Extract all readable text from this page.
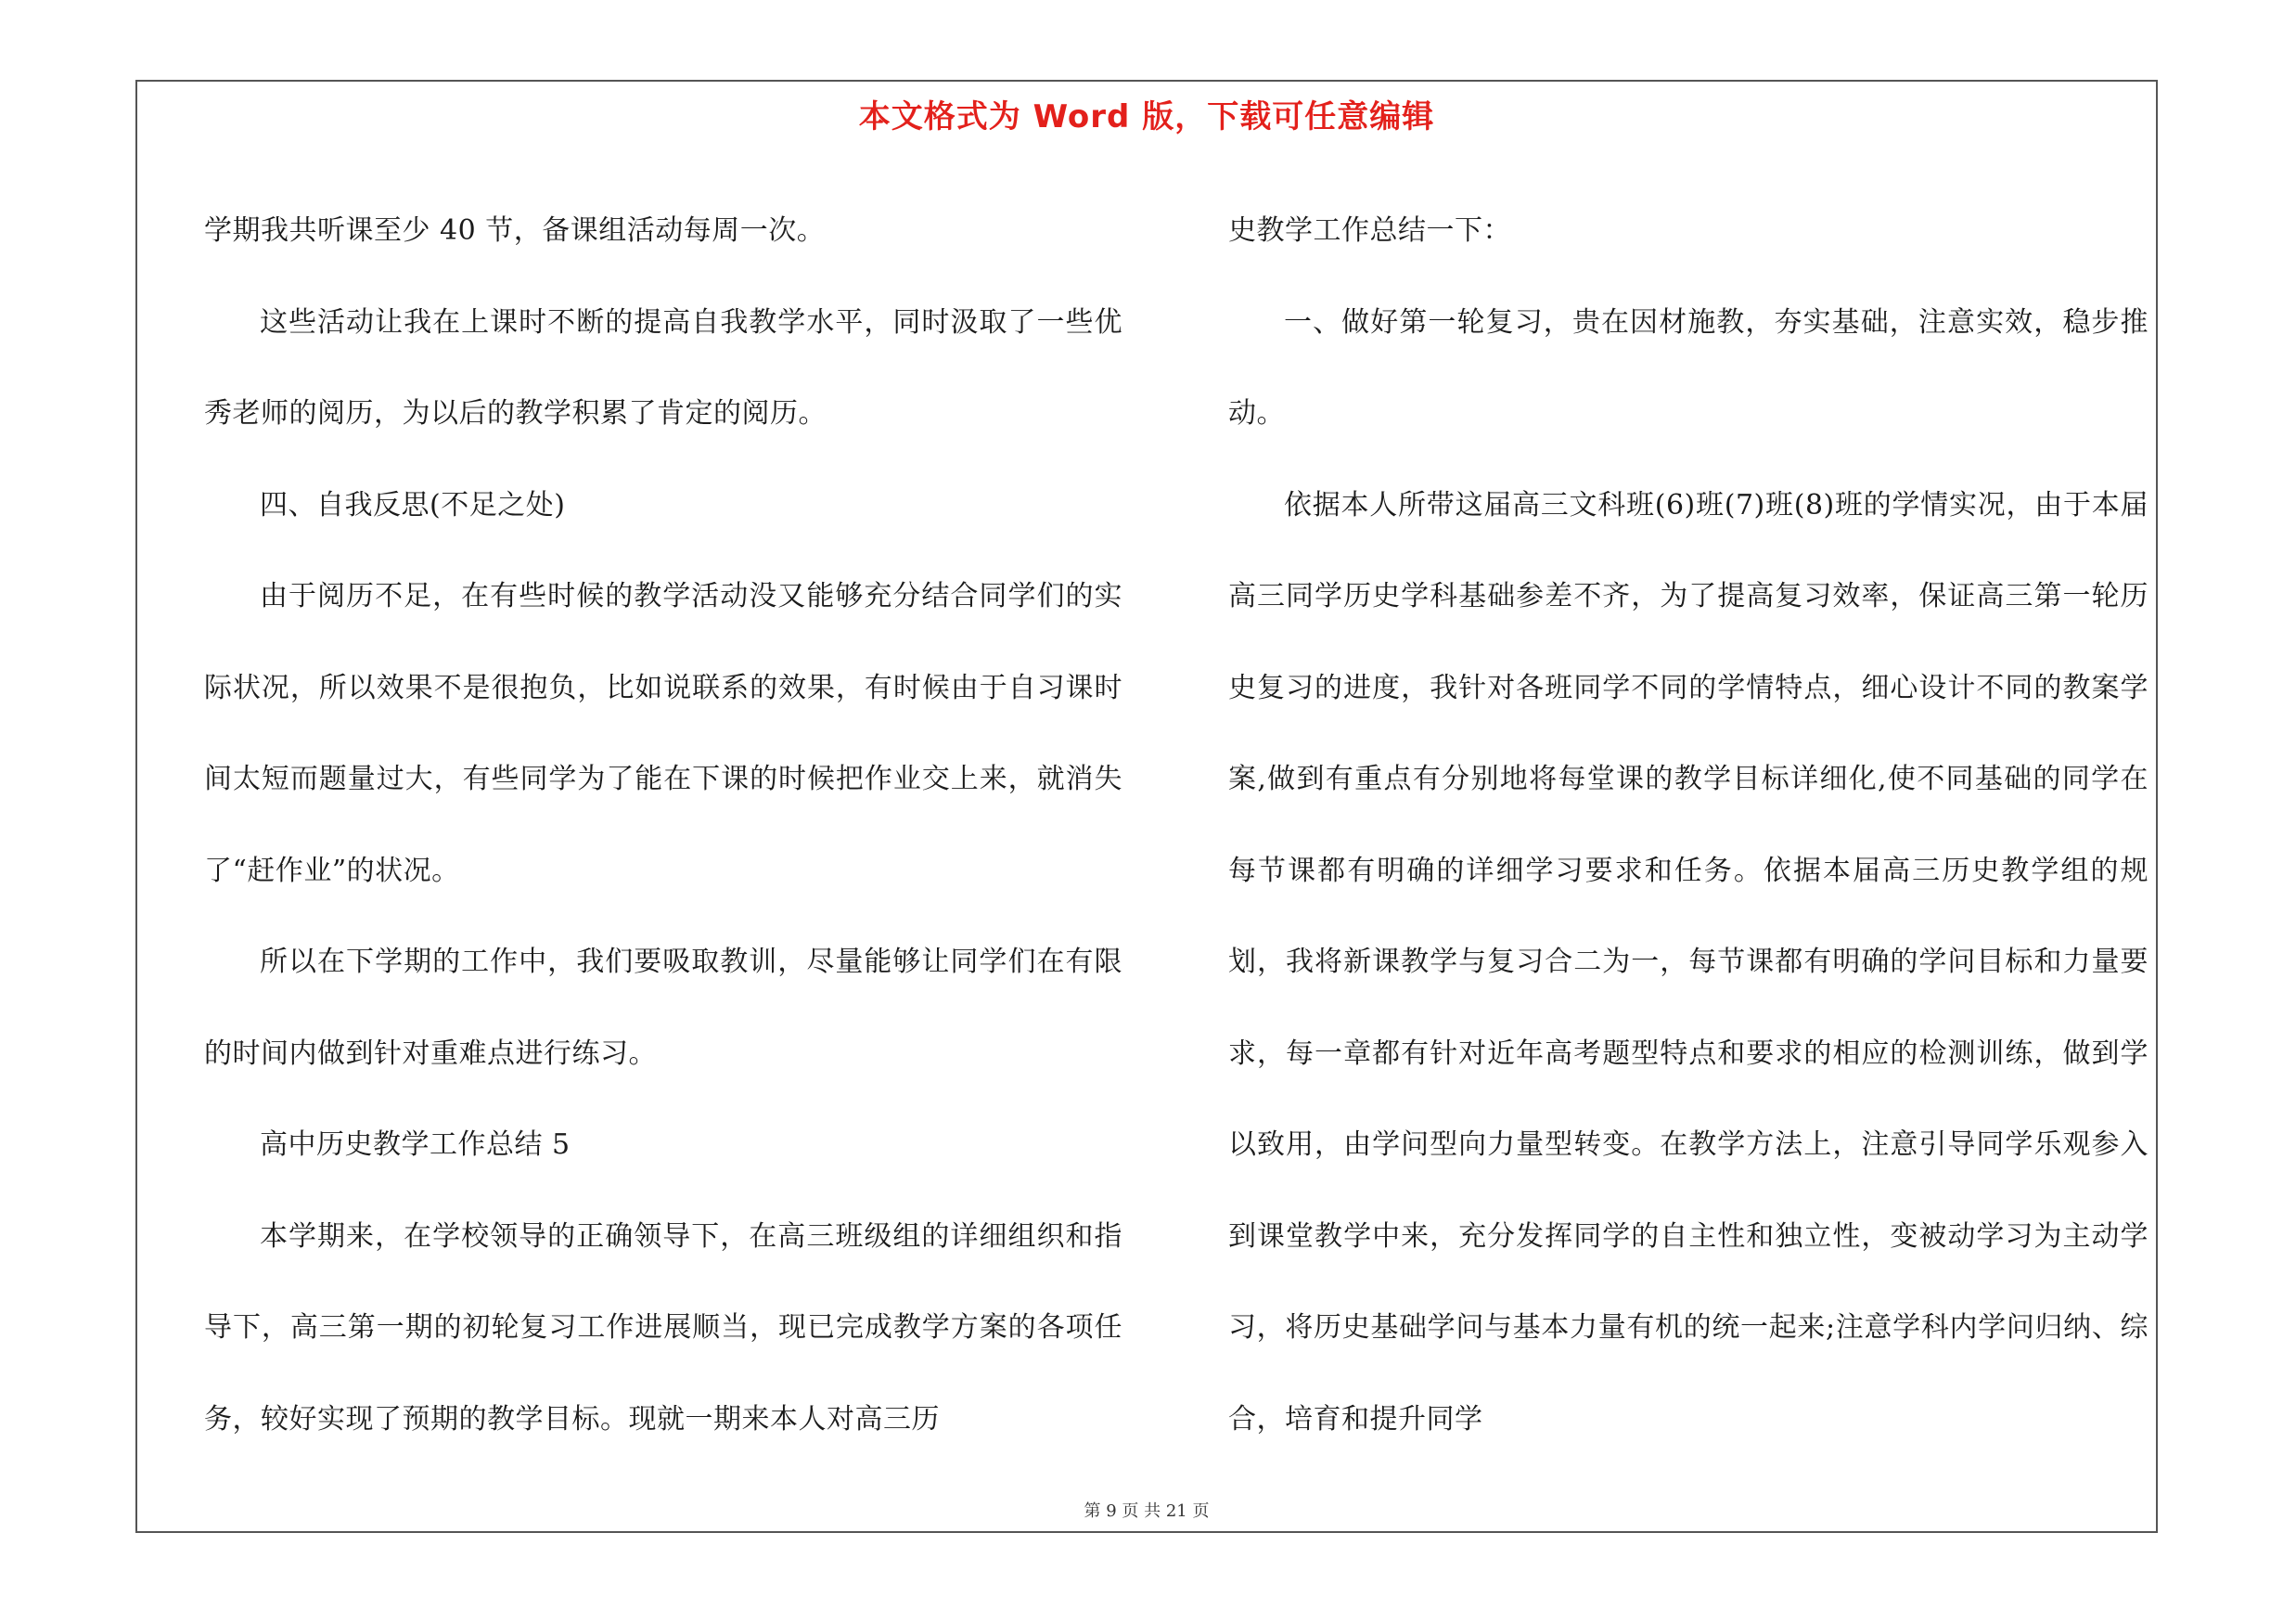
本文格式为 Word 版，下载可任意编辑

学期我共听课至少 40 节，备课组活动每周一次。

这些活动让我在上课时不断的提高自我教学水平，同时汲取了一些优秀老师的阅历，为以后的教学积累了肯定的阅历。

四、自我反思(不足之处)

由于阅历不足，在有些时候的教学活动没又能够充分结合同学们的实际状况，所以效果不是很抱负，比如说联系的效果，有时候由于自习课时间太短而题量过大，有些同学为了能在下课的时候把作业交上来，就消失了“赶作业”的状况。

所以在下学期的工作中，我们要吸取教训，尽量能够让同学们在有限的时间内做到针对重难点进行练习。

高中历史教学工作总结 5

本学期来，在学校领导的正确领导下，在高三班级组的详细组织和指导下，高三第一期的初轮复习工作进展顺当，现已完成教学方案的各项任务，较好实现了预期的教学目标。现就一期来本人对高三历

史教学工作总结一下：

一、做好第一轮复习，贵在因材施教，夯实基础，注意实效，稳步推动。

依据本人所带这届高三文科班(6)班(7)班(8)班的学情实况，由于本届高三同学历史学科基础参差不齐，为了提高复习效率，保证高三第一轮历史复习的进度，我针对各班同学不同的学情特点，细心设计不同的教案学案,做到有重点有分别地将每堂课的教学目标详细化,使不同基础的同学在每节课都有明确的详细学习要求和任务。依据本届高三历史教学组的规划，我将新课教学与复习合二为一，每节课都有明确的学问目标和力量要求，每一章都有针对近年高考题型特点和要求的相应的检测训练，做到学以致用，由学问型向力量型转变。在教学方法上，注意引导同学乐观参入到课堂教学中来，充分发挥同学的自主性和独立性，变被动学习为主动学习，将历史基础学问与基本力量有机的统一起来;注意学科内学问归纳、综合，培育和提升同学

第 9 页 共 21 页
